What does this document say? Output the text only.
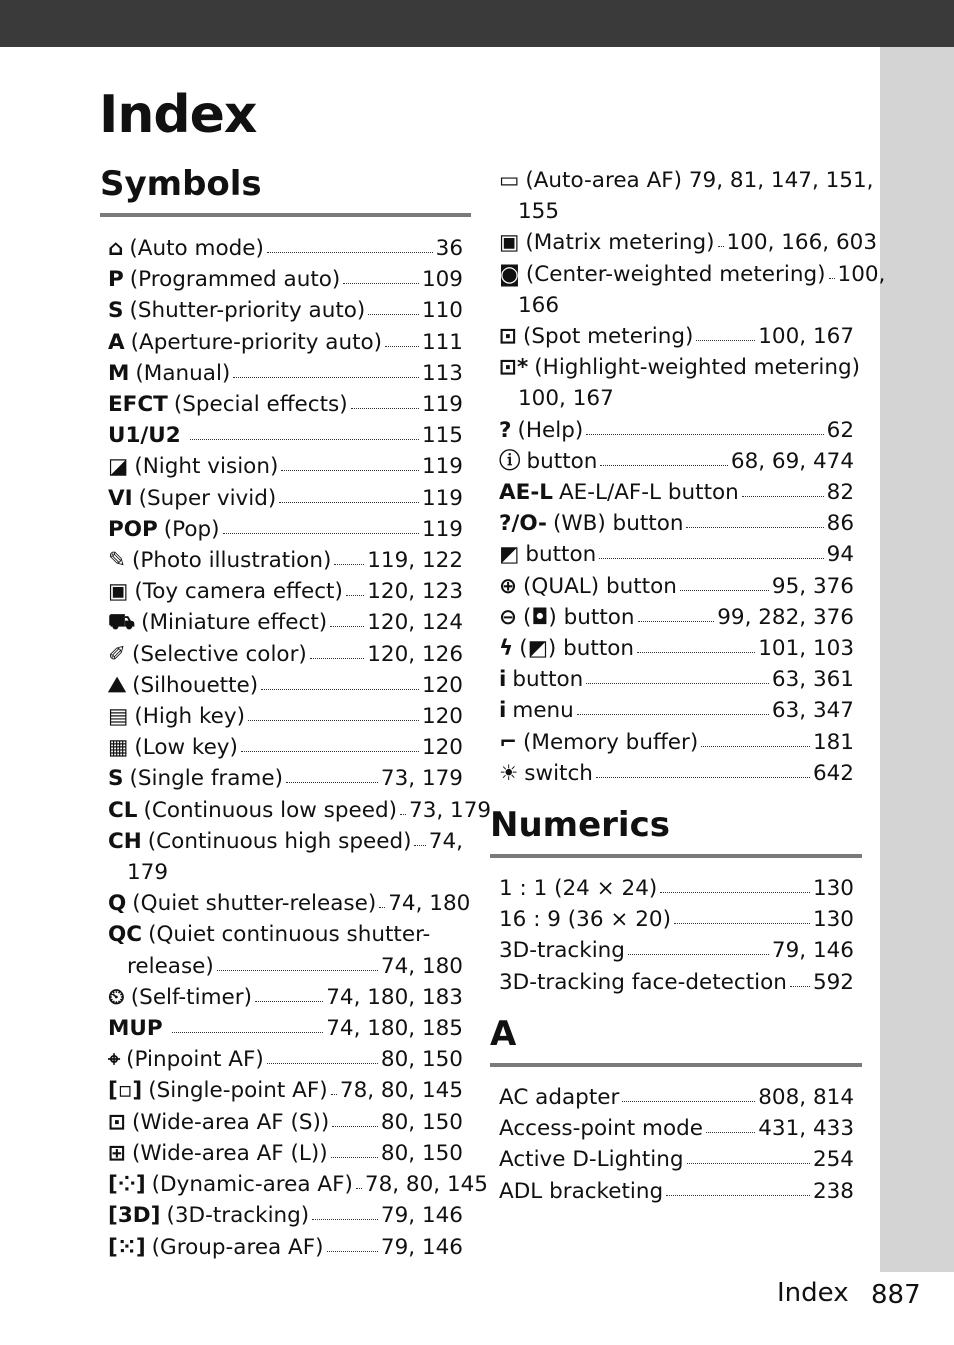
Index
Symbols
⌂ (Auto mode)	36
P (Programmed auto)	109
S (Shutter-priority auto)	110
A (Aperture-priority auto) 111
M (Manual)	113
EFCT (Special effects)	119
U1/U2	115
◪ (Night vision)	119
VI (Super vivid)	119
POP (Pop)	119
✎ (Photo illustration) 119, 122
▣ (Toy camera effect) 120, 123
⛟ (Miniature effect) 120, 124
✐ (Selective color)	120, 126
⛰ (Silhouette)	120
▤ (High key)	120
▦ (Low key)	120
S (Single frame)	73, 179
CL (Continuous low speed) 73, 179
CH (Continuous high speed) 74,
179
Q (Quiet shutter-release) 74, 180
QC (Quiet continuous shutter-
release)	74, 180
⏲ (Self-timer)	74, 180, 183
MUP	74, 180, 185
⌖ (Pinpoint AF)	80, 150
[▫] (Single-point AF) 78, 80, 145
⊡ (Wide-area AF (S)) 80, 150
⊞ (Wide-area AF (L)) 80, 150
[⁘] (Dynamic-area AF) 78, 80, 145
[3D] (3D-tracking)	79, 146
[⁙] (Group-area AF)	79, 146
▭ (Auto-area AF) 79, 81, 147, 151,
155
▣ (Matrix metering) 100, 166, 603
◙ (Center-weighted metering) 100,
166
⊡ (Spot metering)	100, 167
⊡* (Highlight-weighted metering)
100, 167
? (Help)	62
ⓘ button	68, 69, 474
AE-L AE-L/AF-L button	82
?/O- (WB) button	86
◩ button	94
⊕ (QUAL) button	95, 376
⊖ (◘) button	99, 282, 376
ϟ (◩) button	101, 103
i button	63, 361
i menu	63, 347
⌐ (Memory buffer)	181
☀ switch	642
Numerics
1 : 1 (24 × 24)	130
16 : 9 (36 × 20)	130
3D-tracking	79, 146
3D-tracking face-detection 592
A
AC adapter	808, 814
Access-point mode	431, 433
Active D-Lighting	254
ADL bracketing	238
Index 887
